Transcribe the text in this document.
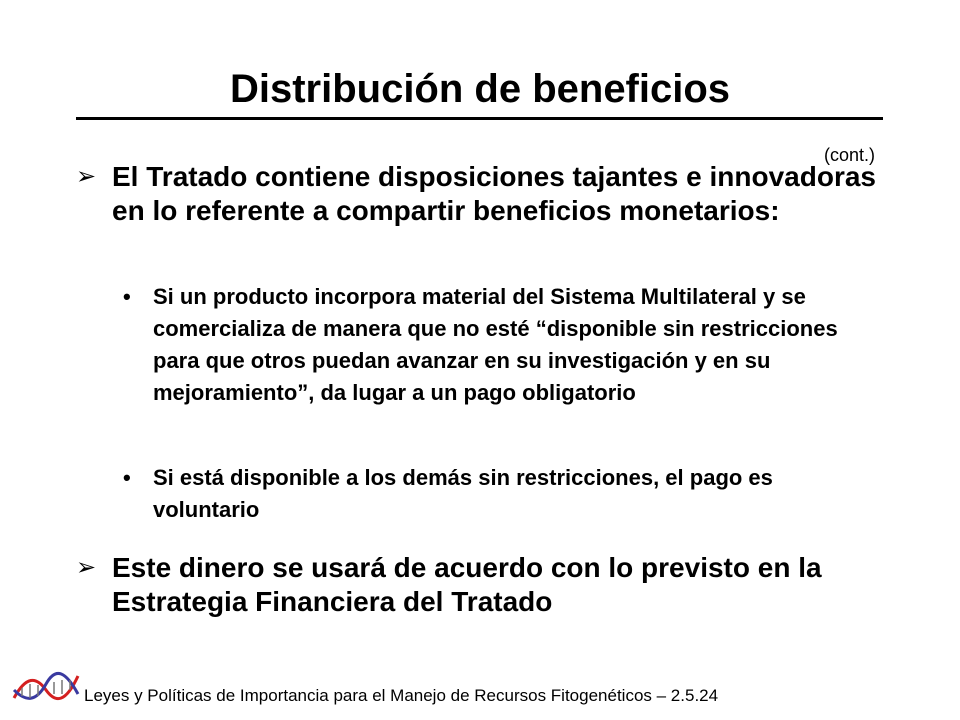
Distribución de beneficios
(cont.)
➢ El Tratado contiene disposiciones tajantes e innovadoras en lo referente a compartir beneficios monetarios:
• Si un producto incorpora material del Sistema Multilateral y se comercializa de manera que no esté “disponible sin restricciones para que otros puedan avanzar en su investigación y en su mejoramiento”, da lugar a un pago obligatorio
• Si está disponible a los demás sin restricciones, el pago es voluntario
➢ Este dinero se usará de acuerdo con lo previsto en la Estrategia Financiera del Tratado
Leyes y Políticas de Importancia para el Manejo de Recursos Fitogenéticos – 2.5.24
